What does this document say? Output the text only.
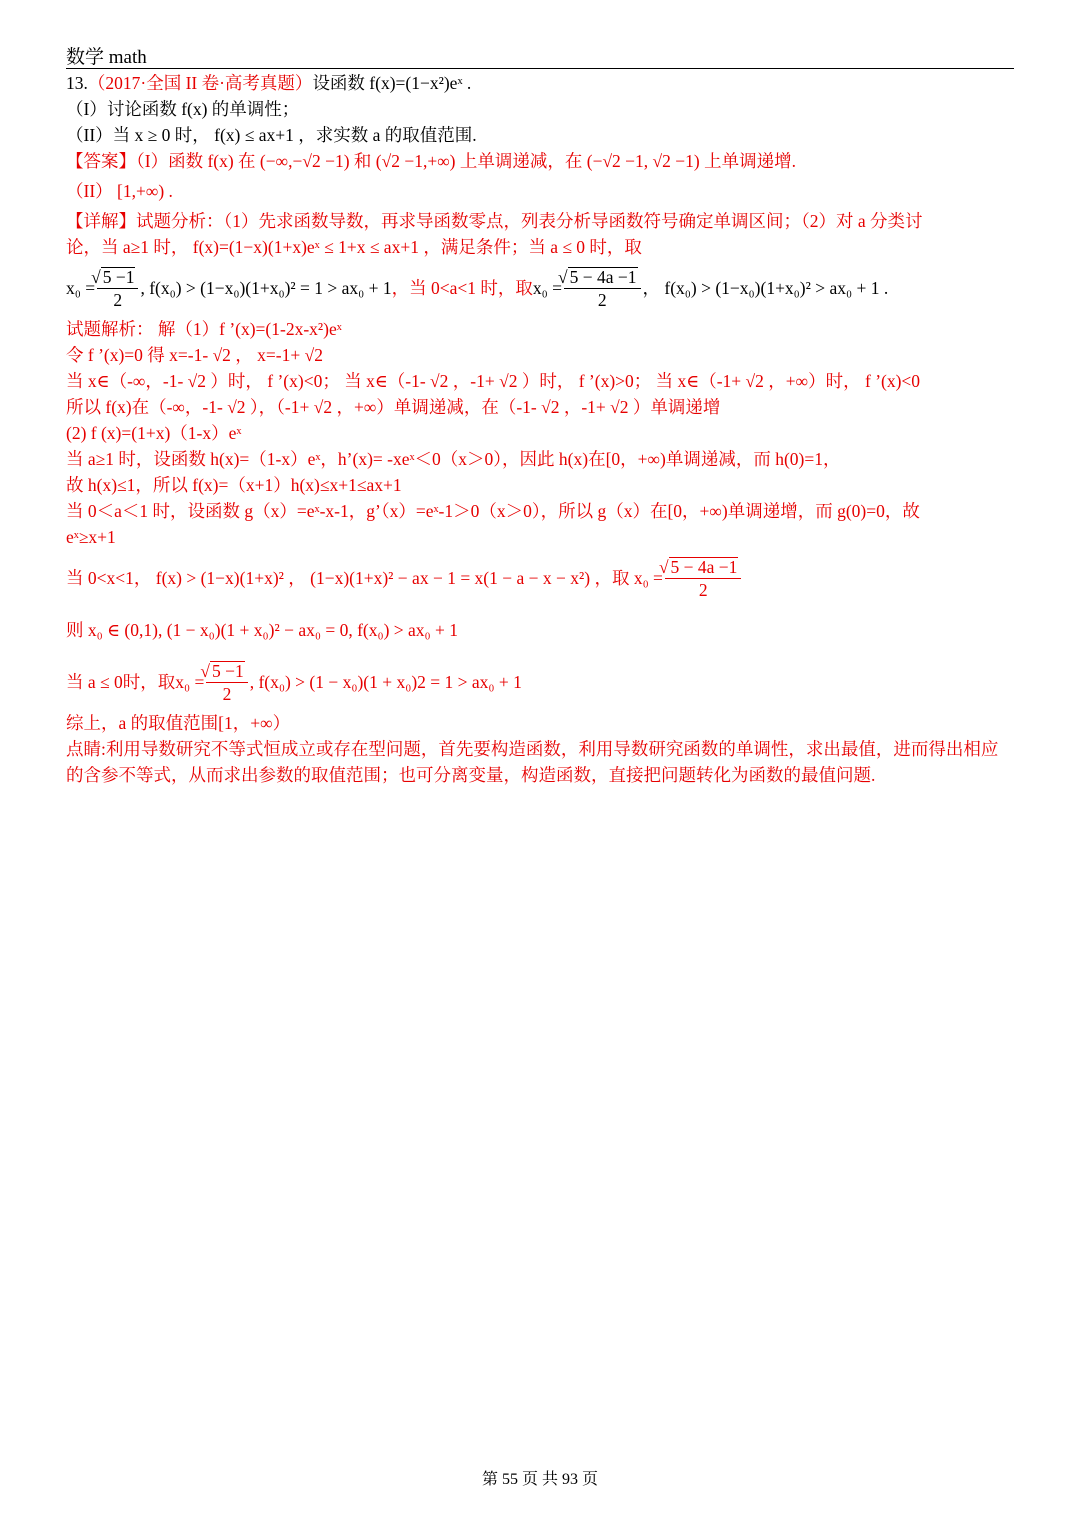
数学 math
13.（2017·全国 II 卷·高考真题）设函数 f(x)=(1−x²)eˣ .
（I）讨论函数 f(x) 的单调性；
（II）当 x ≥ 0 时， f(x) ≤ ax+1 ，求实数 a 的取值范围.
【答案】（I）函数 f(x) 在 (−∞,−√2 −1) 和 (√2 −1,+∞) 上单调递减，在 (−√2 −1, √2 −1) 上单调递增.
（II） [1,+∞) .
【详解】试题分析：（1）先求函数导数，再求导函数零点，列表分析导函数符号确定单调区间；（2）对 a 分类讨
论，当 a≥1 时， f(x)=(1−x)(1+x)eˣ ≤ 1+x ≤ ax+1 ，满足条件；当 a ≤ 0 时，取
x₀ = √ $\frac{5 -1}{2}$ , f(x₀) > (1−x₀)(1+x₀)² = 1 > ax₀ + 1 ，当 0<a<1 时，取 x₀ = √ $\frac{5 - 4a -1}{2}$ ， f(x₀) > (1−x₀)(1+x₀)² > ax₀ + 1 .
试题解析： 解（1）f ’(x)=(1-2x-x²)eˣ
令 f ’(x)=0 得 x=-1- √2 ， x=-1+ √2
当 x∈（-∞，-1- √2 ）时， f ’(x)<0； 当 x∈（-1- √2 ，-1+ √2 ）时， f ’(x)>0； 当 x∈（-1+ √2 ，+∞）时， f ’(x)<0
所以 f(x)在（-∞，-1- √2 ），（-1+ √2 ，+∞）单调递减，在（-1- √2 ，-1+ √2 ）单调递增
(2) f (x)=(1+x)（1-x）eˣ
当 a≥1 时，设函数 h(x)=（1-x）eˣ，h’(x)= -xeˣ＜0（x＞0），因此 h(x)在[0，+∞)单调递减，而 h(0)=1，
故 h(x)≤1，所以 f(x)=（x+1）h(x)≤x+1≤ax+1
当 0＜a＜1 时，设函数 g（x）=eˣ-x-1，g’（x）=eˣ-1＞0（x＞0），所以 g（x）在[0，+∞)单调递增，而 g(0)=0，故
eˣ≥x+1
当 0<x<1， f(x) > (1−x)(1+x)² ， (1−x)(1+x)² − ax − 1 = x(1 − a − x − x²) ，取 x₀ = √ $\frac{5 - 4a -1}{2}$
则 x₀ ∈ (0,1), (1 − x₀)(1 + x₀)² − ax₀ = 0, f(x₀) > ax₀ + 1
当 a ≤ 0时，取x₀ = √ $\frac{5 -1}{2}$ , f(x₀) > (1 − x₀)(1 + x₀)2 = 1 > ax₀ + 1
综上，a 的取值范围[1，+∞）
点睛:利用导数研究不等式恒成立或存在型问题，首先要构造函数，利用导数研究函数的单调性，求出最值，进而得出相应的含参不等式，从而求出参数的取值范围；也可分离变量，构造函数，直接把问题转化为函数的最值问题.
第 55 页 共 93 页
